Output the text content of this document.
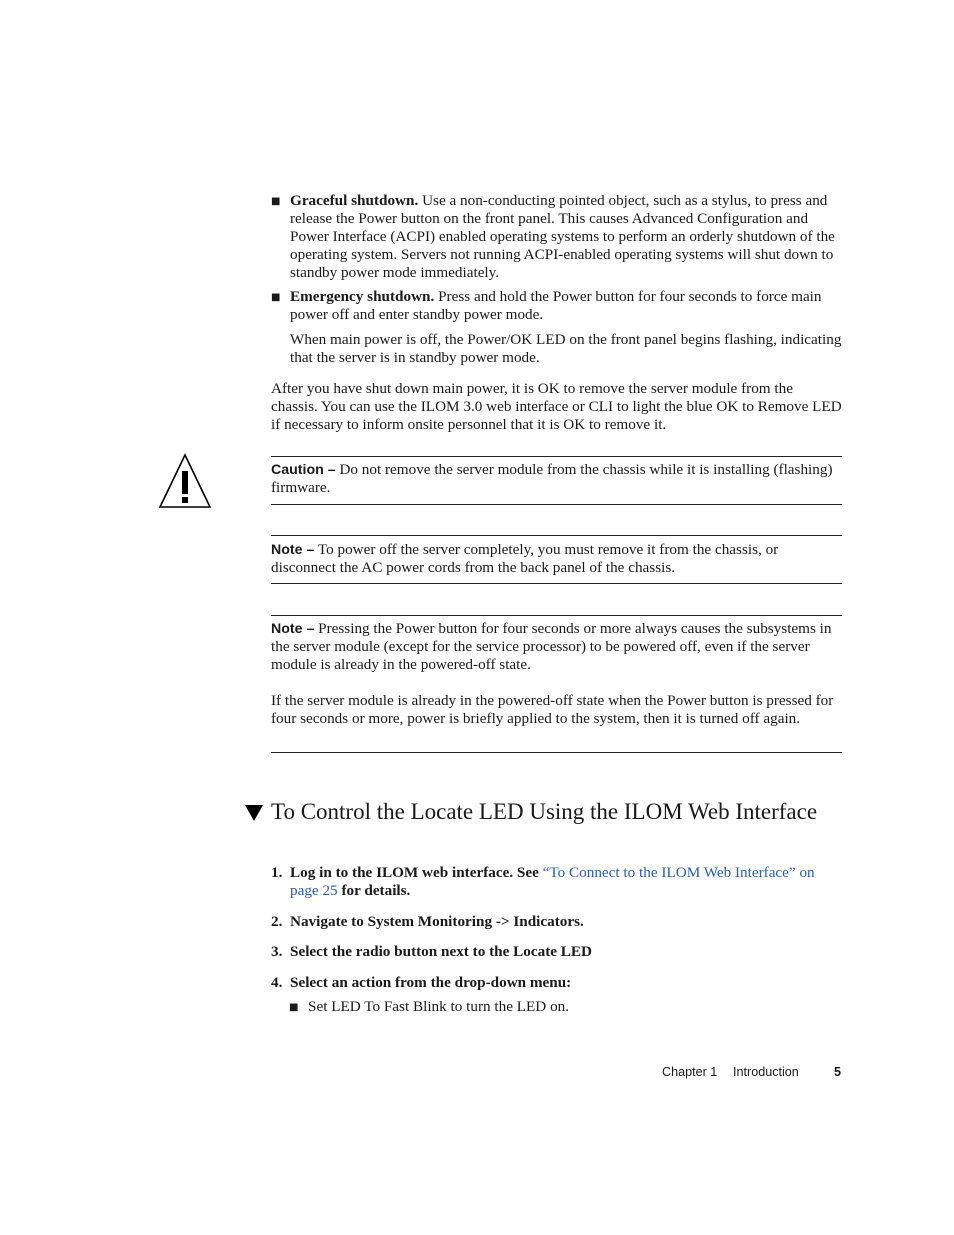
■ Graceful shutdown. Use a non-conducting pointed object, such as a stylus, to press and release the Power button on the front panel. This causes Advanced Configuration and Power Interface (ACPI) enabled operating systems to perform an orderly shutdown of the operating system. Servers not running ACPI-enabled operating systems will shut down to standby power mode immediately.
■ Emergency shutdown. Press and hold the Power button for four seconds to force main power off and enter standby power mode.
When main power is off, the Power/OK LED on the front panel begins flashing, indicating that the server is in standby power mode.
After you have shut down main power, it is OK to remove the server module from the chassis. You can use the ILOM 3.0 web interface or CLI to light the blue OK to Remove LED if necessary to inform onsite personnel that it is OK to remove it.
Caution – Do not remove the server module from the chassis while it is installing (flashing) firmware.
Note – To power off the server completely, you must remove it from the chassis, or disconnect the AC power cords from the back panel of the chassis.
Note – Pressing the Power button for four seconds or more always causes the subsystems in the server module (except for the service processor) to be powered off, even if the server module is already in the powered-off state.
If the server module is already in the powered-off state when the Power button is pressed for four seconds or more, power is briefly applied to the system, then it is turned off again.
To Control the Locate LED Using the ILOM Web Interface
1. Log in to the ILOM web interface. See “To Connect to the ILOM Web Interface” on page 25 for details.
2. Navigate to System Monitoring -> Indicators.
3. Select the radio button next to the Locate LED
4. Select an action from the drop-down menu:
■ Set LED To Fast Blink to turn the LED on.
Chapter 1 Introduction	5
